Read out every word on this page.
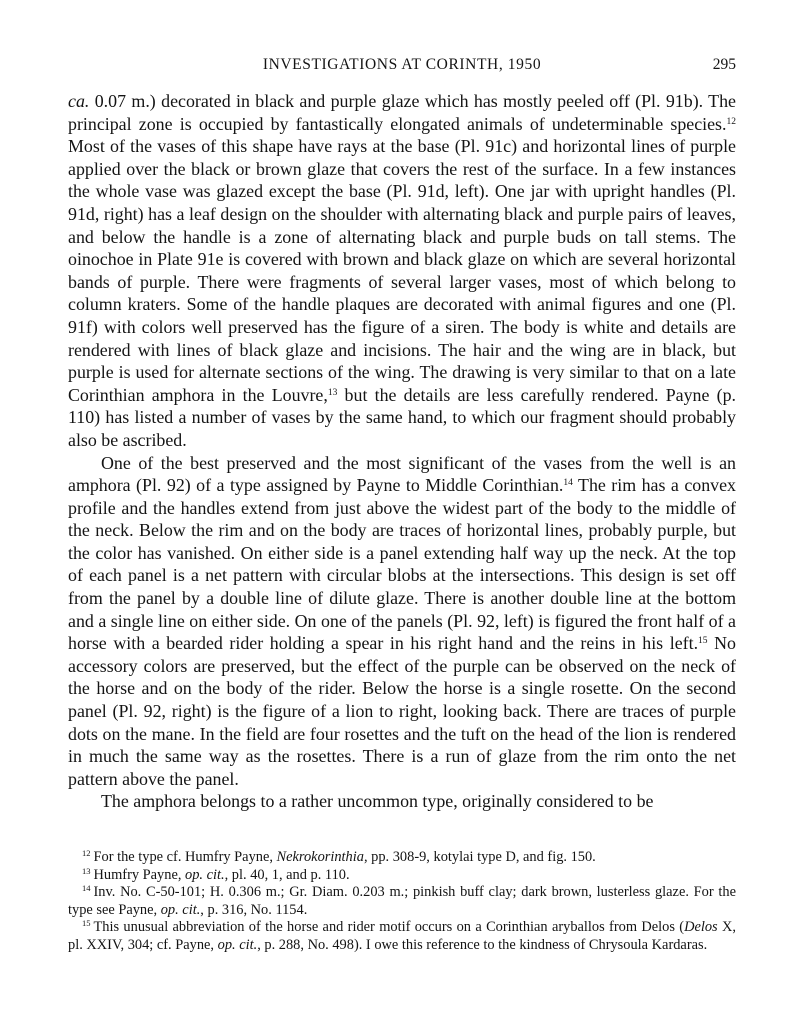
INVESTIGATIONS AT CORINTH, 1950	295

ca. 0.07 m.) decorated in black and purple glaze which has mostly peeled off (Pl. 91b). The principal zone is occupied by fantastically elongated animals of undeterminable species.$^{12}$ Most of the vases of this shape have rays at the base (Pl. 91c) and horizontal lines of purple applied over the black or brown glaze that covers the rest of the surface. In a few instances the whole vase was glazed except the base (Pl. 91d, left). One jar with upright handles (Pl. 91d, right) has a leaf design on the shoulder with alternating black and purple pairs of leaves, and below the handle is a zone of alternating black and purple buds on tall stems. The oinochoe in Plate 91e is covered with brown and black glaze on which are several horizontal bands of purple. There were fragments of several larger vases, most of which belong to column kraters. Some of the handle plaques are decorated with animal figures and one (Pl. 91f) with colors well preserved has the figure of a siren. The body is white and details are rendered with lines of black glaze and incisions. The hair and the wing are in black, but purple is used for alternate sections of the wing. The drawing is very similar to that on a late Corinthian amphora in the Louvre,$^{13}$ but the details are less carefully rendered. Payne (p. 110) has listed a number of vases by the same hand, to which our fragment should probably also be ascribed.

One of the best preserved and the most significant of the vases from the well is an amphora (Pl. 92) of a type assigned by Payne to Middle Corinthian.$^{14}$ The rim has a convex profile and the handles extend from just above the widest part of the body to the middle of the neck. Below the rim and on the body are traces of horizontal lines, probably purple, but the color has vanished. On either side is a panel extending half way up the neck. At the top of each panel is a net pattern with circular blobs at the intersections. This design is set off from the panel by a double line of dilute glaze. There is another double line at the bottom and a single line on either side. On one of the panels (Pl. 92, left) is figured the front half of a horse with a bearded rider holding a spear in his right hand and the reins in his left.$^{15}$ No accessory colors are preserved, but the effect of the purple can be observed on the neck of the horse and on the body of the rider. Below the horse is a single rosette. On the second panel (Pl. 92, right) is the figure of a lion to right, looking back. There are traces of purple dots on the mane. In the field are four rosettes and the tuft on the head of the lion is rendered in much the same way as the rosettes. There is a run of glaze from the rim onto the net pattern above the panel.

The amphora belongs to a rather uncommon type, originally considered to be

$^{12}$ For the type cf. Humfry Payne, Nekrokorinthia, pp. 308-9, kotylai type D, and fig. 150.

$^{13}$ Humfry Payne, op. cit., pl. 40, 1, and p. 110.

$^{14}$ Inv. No. C-50-101; H. 0.306 m.; Gr. Diam. 0.203 m.; pinkish buff clay; dark brown, lusterless glaze. For the type see Payne, op. cit., p. 316, No. 1154.

$^{15}$ This unusual abbreviation of the horse and rider motif occurs on a Corinthian aryballos from Delos (Delos X, pl. XXIV, 304; cf. Payne, op. cit., p. 288, No. 498). I owe this reference to the kindness of Chrysoula Kardaras.
